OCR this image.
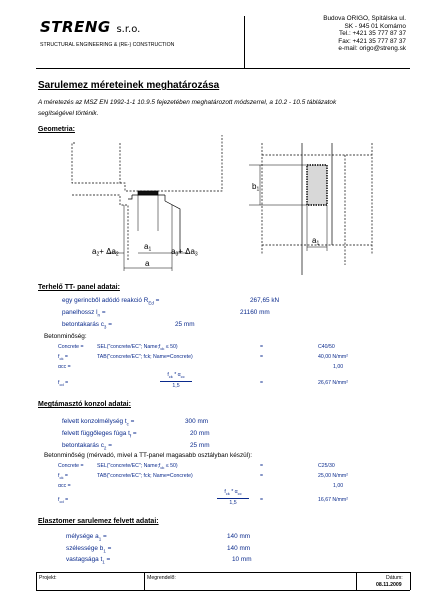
STRENG s.r.o.
STRUCTURAL ENGINEERING & (RE-) CONSTRUCTION
Budova ORIGO, Spitálska ul.
SK - 945 01 Komárno
Tel.: +421 35 777 87 37
Fax: +421 35 777 87 37
e-mail: origo@streng.sk
Sarulemez méreteinek meghatározása
A méretezés az MSZ EN 1992-1-1 10.9.5 fejezetében meghatározott módszerrel, a 10.2 - 10.5 táblázatok
segítségével történik.
Geometria:
a2+ Δa2
a1 a3+ Δa3
a
b1
a1
Terhelő TT- panel adatai:
egy gerincből adódó reakció $R_{Ed}$ =	267,65 kN
panelhossz $l_n$ =	21160 mm
betontakarás $c_3$ =	25 mm
Betonminőség:
Concrete =	SEL("concrete/EC"; $Name;f_{ck} \le 50$)	=	C40/50
$f_{ck}$ =	TAB("concrete/EC"; fck; Name=Concrete)	=	40,00 N/mm²
αcc =	1,00
$f_{cd}$ =
$f_{ck} * \alpha_{cc}$
1,5
=	26,67 N/mm²
Megtámasztó konzol adatai:
felvett konzolmélység $t_c$ =	300 mm
felvett függőleges fúga $t_f$ =	20 mm
betontakarás $c_2$ =	25 mm
Betonminőség (mérvadó, mivel a TT-panel magasabb osztályban készül):
Concrete =	SEL("concrete/EC"; $Name;f_{ck} \le 50$)	=	C25/30
$f_{ck}$ =	TAB("concrete/EC"; fck; Name=Concrete)	=	25,00 N/mm²
αcc =	1,00
$f_{cd}$ =
$f_{ck} * \alpha_{cc}$
1,5
=	16,67 N/mm²
Elasztomer sarulemez felvett adatai:
mélysége $a_1$ =	140 mm
szélessége $b_1$ =	140 mm
vastagsága $t_1$ =	10 mm
Projekt:	Megrendelő:	Dátum:
08.11.2009
